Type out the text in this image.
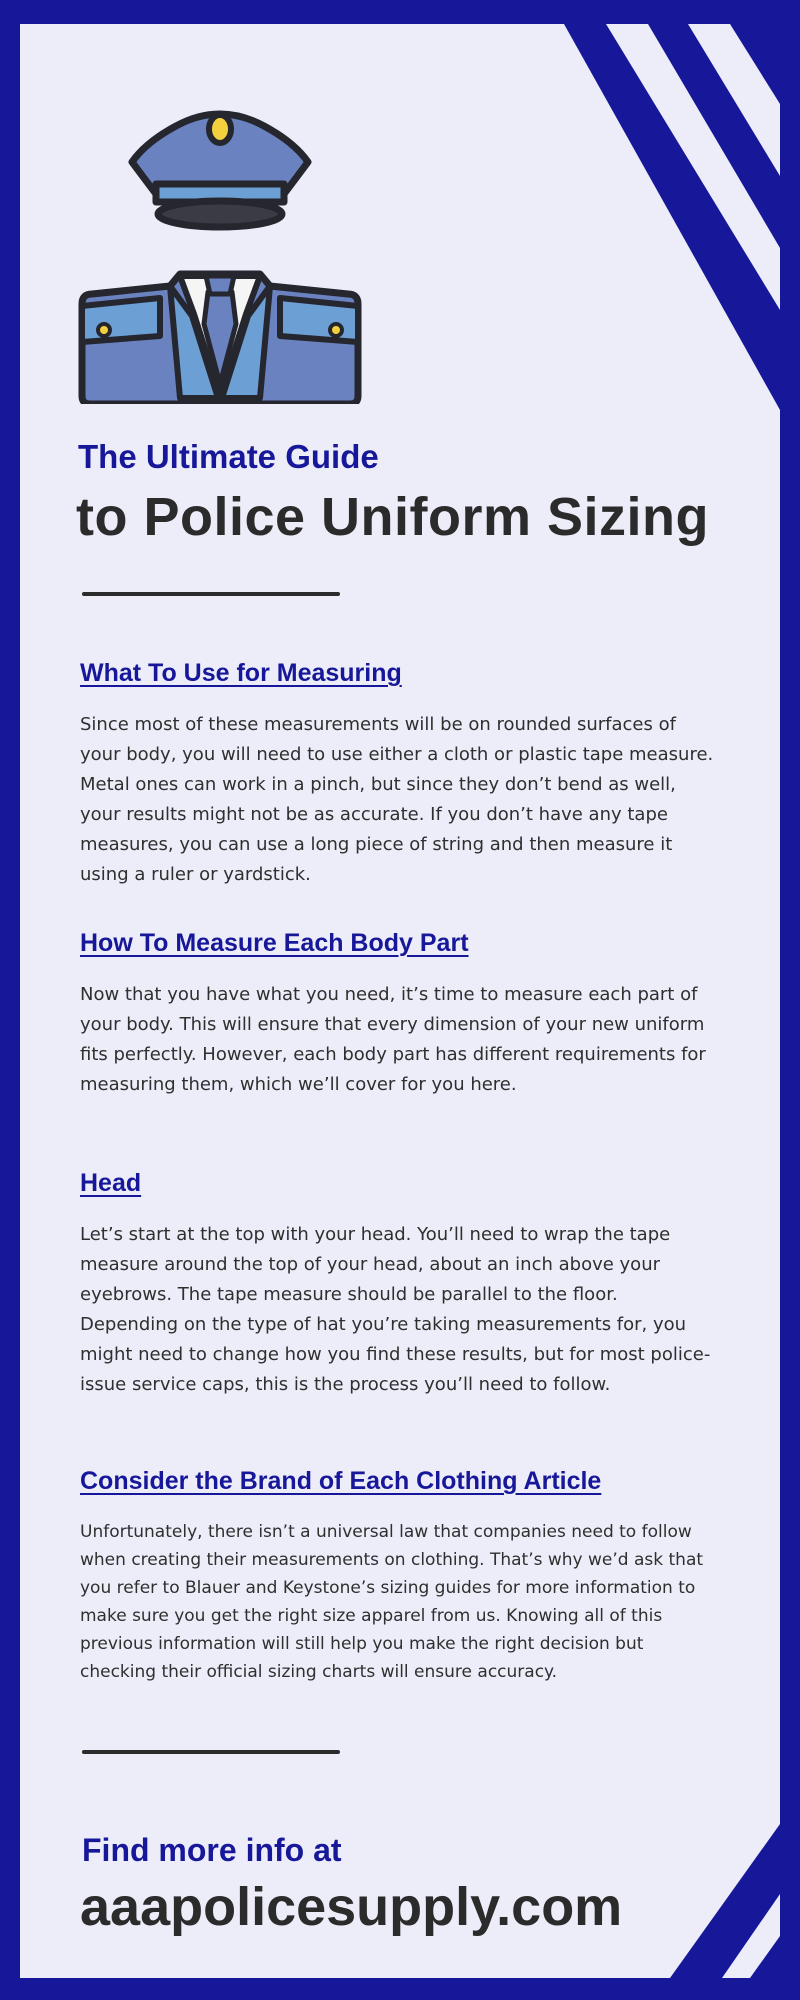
The Ultimate Guide
to Police Uniform Sizing
What To Use for Measuring

Since most of these measurements will be on rounded surfaces of your body, you will need to use either a cloth or plastic tape measure. Metal ones can work in a pinch, but since they don’t bend as well, your results might not be as accurate. If you don’t have any tape measures, you can use a long piece of string and then measure it using a ruler or yardstick.

How To Measure Each Body Part

Now that you have what you need, it’s time to measure each part of your body. This will ensure that every dimension of your new uniform fits perfectly. However, each body part has different requirements for measuring them, which we’ll cover for you here.

Head

Let’s start at the top with your head. You’ll need to wrap the tape measure around the top of your head, about an inch above your eyebrows. The tape measure should be parallel to the floor. Depending on the type of hat you’re taking measurements for, you might need to change how you find these results, but for most police-issue service caps, this is the process you’ll need to follow.

Consider the Brand of Each Clothing Article

Unfortunately, there isn’t a universal law that companies need to follow when creating their measurements on clothing. That’s why we’d ask that you refer to Blauer and Keystone’s sizing guides for more information to make sure you get the right size apparel from us. Knowing all of this previous information will still help you make the right decision but checking their official sizing charts will ensure accuracy.

Find more info at

aaapolicesupply.com
